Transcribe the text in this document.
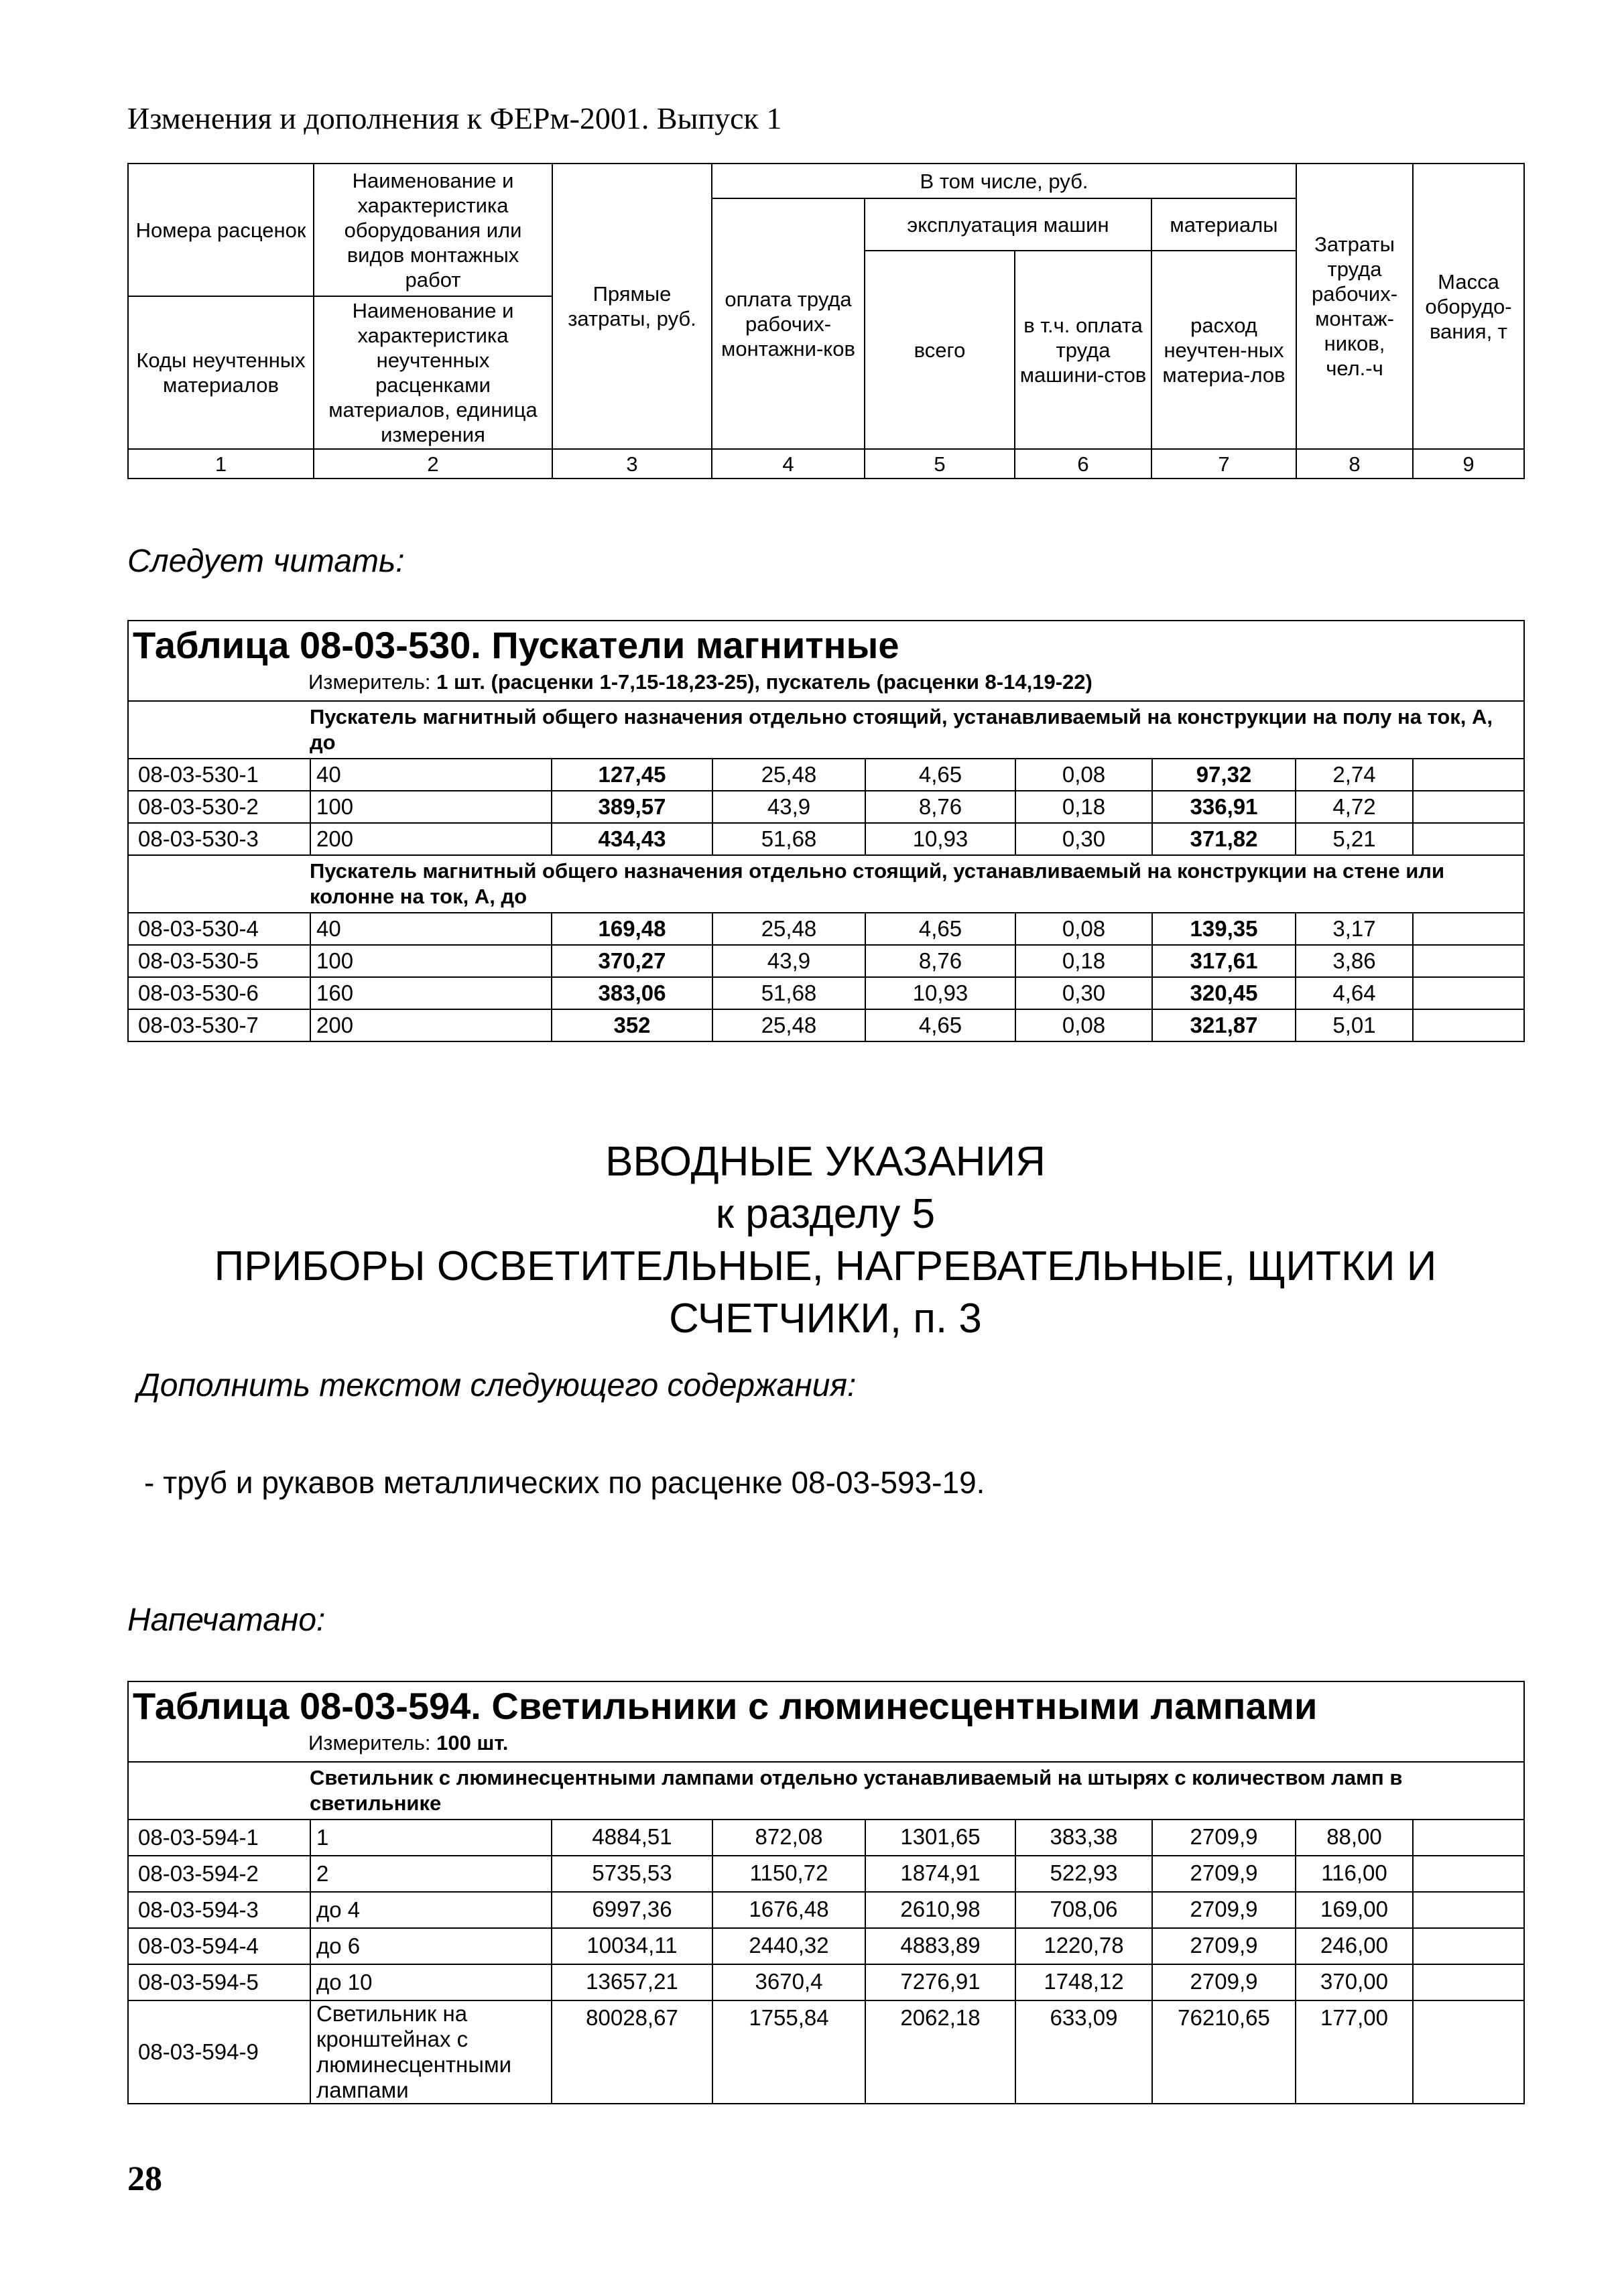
Изменения и дополнения к ФЕРм-2001. Выпуск 1
Номера расценок	Наименование и характеристика оборудования или видов монтажных работ	Прямые затраты, руб.	В том числе, руб.				Затраты труда рабочих-монтаж-ников, чел.-ч	Масса оборудо-вания, т
			оплата труда рабочих-монтажни-ков	эксплуатация машин		материалы		
				всего	в т.ч. оплата труда машини-стов	расход неучтен-ных материа-лов		
Коды неучтенных материалов	Наименование и характеристика неучтенных расценками материалов, единица измерения							

1	2	3	4	5	6	7	8	9
Следует читать:
Таблица 08-03-530. Пускатели магнитные								

Измеритель: 1 шт. (расценки 1-7,15-18,23-25), пускатель (расценки 8-14,19-22)								

Пускатель магнитный общего назначения отдельно стоящий, устанавливаемый на конструкции на полу на ток, А, до								
08-03-530-1	40	127,45	25,48	4,65	0,08	97,32	2,74	
08-03-530-2	100	389,57	43,9	8,76	0,18	336,91	4,72	
08-03-530-3	200	434,43	51,68	10,93	0,30	371,82	5,21	
Пускатель магнитный общего назначения отдельно стоящий, устанавливаемый на конструкции на стене или колонне на ток, А, до								
08-03-530-4	40	169,48	25,48	4,65	0,08	139,35	3,17	
08-03-530-5	100	370,27	43,9	8,76	0,18	317,61	3,86	
08-03-530-6	160	383,06	51,68	10,93	0,30	320,45	4,64	
08-03-530-7	200	352	25,48	4,65	0,08	321,87	5,01	
ВВОДНЫЕ УКАЗАНИЯ
к разделу 5
ПРИБОРЫ ОСВЕТИТЕЛЬНЫЕ, НАГРЕВАТЕЛЬНЫЕ, ЩИТКИ И
СЧЕТЧИКИ, п. 3
Дополнить текстом следующего содержания:
- труб и рукавов металлических по расценке 08-03-593-19.
Напечатано:
Таблица 08-03-594. Светильники с люминесцентными лампами								

Измеритель: 100 шт.								

Светильник с люминесцентными лампами отдельно устанавливаемый на штырях с количеством ламп в светильнике								
08-03-594-1	1	4884,51	872,08	1301,65	383,38	2709,9	88,00	
08-03-594-2	2	5735,53	1150,72	1874,91	522,93	2709,9	116,00	
08-03-594-3	до 4	6997,36	1676,48	2610,98	708,06	2709,9	169,00	
08-03-594-4	до 6	10034,11	2440,32	4883,89	1220,78	2709,9	246,00	
08-03-594-5	до 10	13657,21	3670,4	7276,91	1748,12	2709,9	370,00	
08-03-594-9	Светильник на кронштейнах с люминесцентными лампами	80028,67	1755,84	2062,18	633,09	76210,65	177,00	
28
